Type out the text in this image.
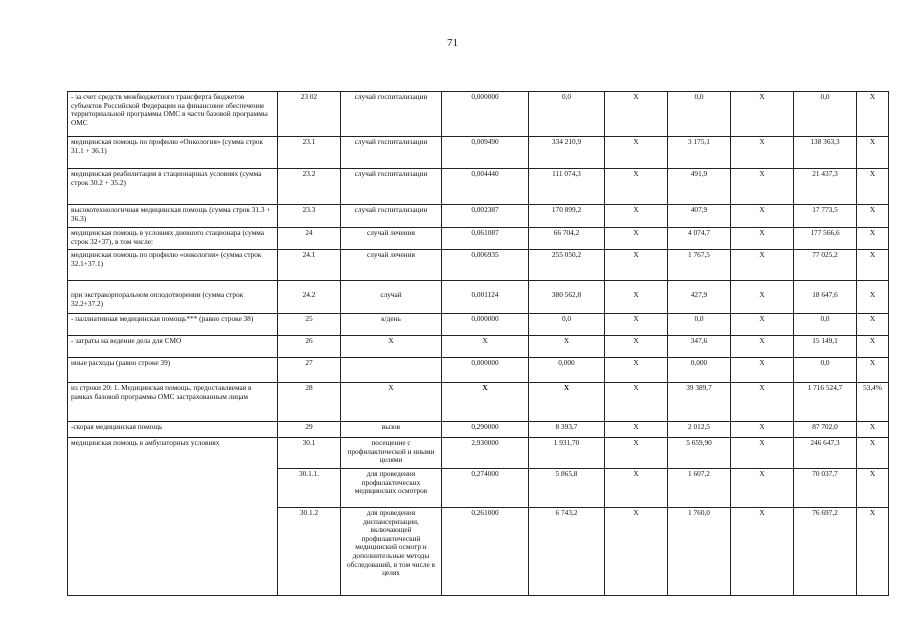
71
- за счет средств межбюджетного трансферта бюджетов субъектов Российской Федерации на финансовое обеспечение территориальной программы ОМС в части базовой программы ОМС	23 02	случай госпитализации	0,000000	0,0	X	0,0	X	0,0	X
медицинская помощь по профилю «Онкология» (сумма строк 31.1 + 36.1)	23.1	случай госпитализации	0,009490	334 210,9	X	3 175,1	X	138 363,3	X
медицинская реабилитация в стационарных условиях (сумма строк 30.2 + 35.2)	23.2	случай госпитализации	0,004440	111 074,3	X	491,9	X	21 437,3	X
высокотехнологичная медицинская помощь (сумма строк 31.3 + 36.3)	23.3	случай госпитализации	0,002387	170 899,2	X	407,9	X	17 773,5	X
медицинская помощь в условиях дневного стационара (сумма строк 32+37), в том числе:	24	случай лечения	0,061087	66 704,2	X	4 074,7	X	177 566,6	X
медицинская помощь по профилю «онкология» (сумма строк 32.1+37.1)	24.1	случай лечения	0,006935	255 050,2	X	1 767,5	X	77 025,2	X
при экстракорпоральном оплодотворении (сумма строк 32.2+37.2)	24.2	случай	0,001124	380 562,8	X	427,9	X	18 647,6	X
- паллиативная медицинская помощь*** (равно строке 38)	25	к/день	0,000000	0,0	X	0,0	X	0,0	X
- затраты на ведение дела для СМО	26	X	X	X	X	347,6	X	15 149,1	X
иные расходы (равно строке 39)	27		0,000000	0,000	X	0,000	X	0,0	X
из строки 20: 1. Медицинская помощь, предоставляемая в рамках базовой программы ОМС застрахованным лицам	28	X	X	X	X	39 389,7	X	1 716 524,7	53,4%
-скорая медицинская помощь	29	вызов	0,290000	8 393,7	X	2 012,5	X	87 702,0	X
медицинская помощь в амбулаторных условиях	30.1	посещение с профилактической и иными целями	2,930000	1 931,70	X	5 659,90	X	246 647,3	X
	30.1.1.	для проведения профилактических медицинских осмотров	0,274000	5 865,8	X	1 607,2	X	70 037,7	X
	30.1.2	для проведения диспансеризации, включающей профилактический медицинский осмотр и дополнительные методы обследований, в том числе в целях	0,261000	6 743,2	X	1 760,0	X	76 697,2	X
